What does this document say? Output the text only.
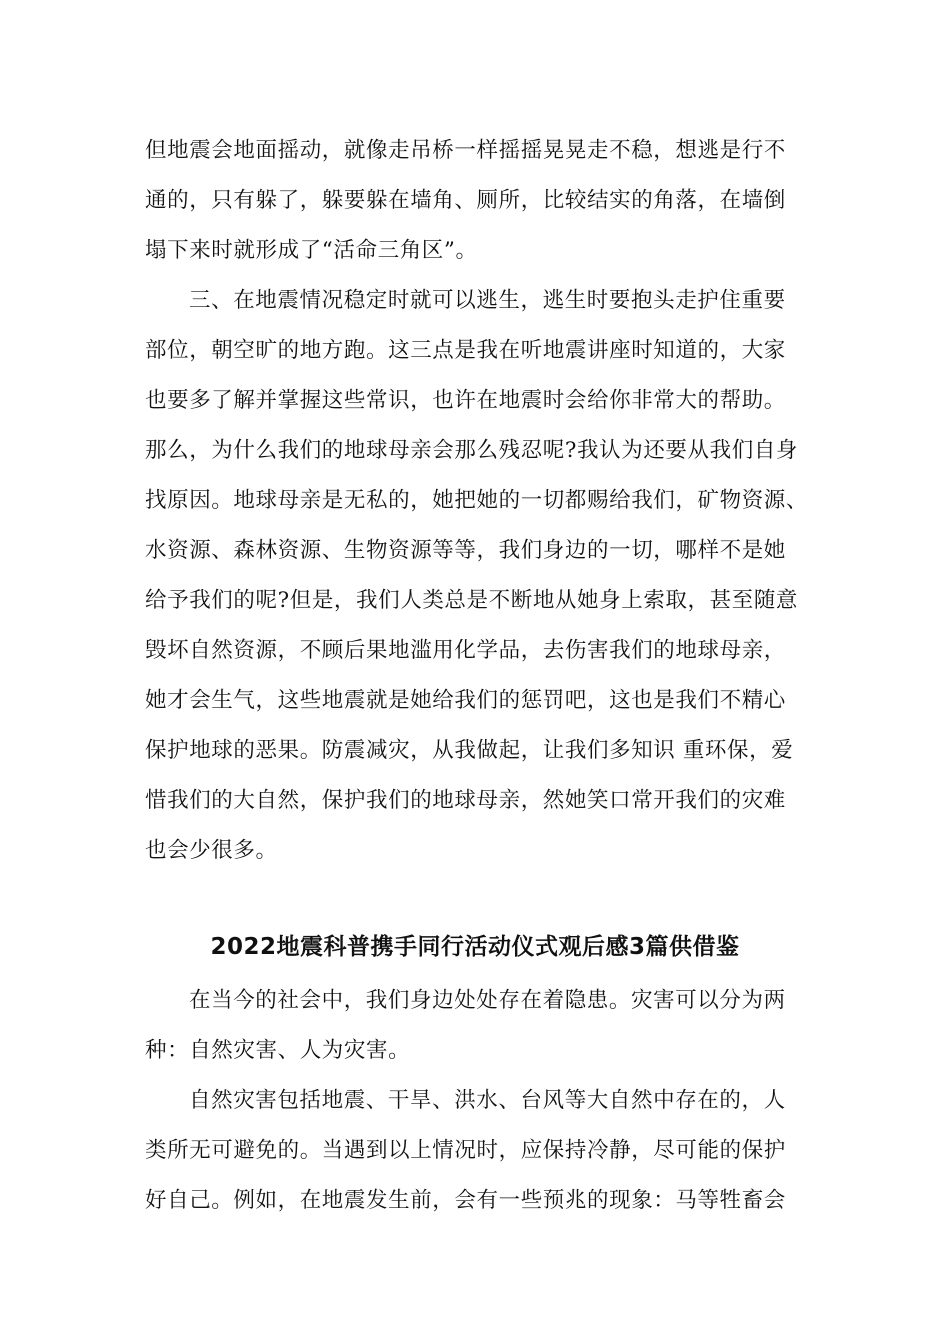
但地震会地面摇动，就像走吊桥一样摇摇晃晃走不稳，想逃是行不
通的，只有躲了，躲要躲在墙角、厕所，比较结实的角落，在墙倒
塌下来时就形成了“活命三角区”。
三、在地震情况稳定时就可以逃生，逃生时要抱头走护住重要
部位，朝空旷的地方跑。这三点是我在听地震讲座时知道的，大家
也要多了解并掌握这些常识，也许在地震时会给你非常大的帮助。
那么，为什么我们的地球母亲会那么残忍呢?我认为还要从我们自身
找原因。地球母亲是无私的，她把她的一切都赐给我们，矿物资源、
水资源、森林资源、生物资源等等，我们身边的一切，哪样不是她
给予我们的呢?但是，我们人类总是不断地从她身上索取，甚至随意
毁坏自然资源，不顾后果地滥用化学品，去伤害我们的地球母亲，
她才会生气，这些地震就是她给我们的惩罚吧，这也是我们不精心
保护地球的恶果。防震减灾，从我做起，让我们多知识 重环保，爱
惜我们的大自然，保护我们的地球母亲，然她笑口常开我们的灾难
也会少很多。
2022地震科普携手同行活动仪式观后感3篇供借鉴
在当今的社会中，我们身边处处存在着隐患。灾害可以分为两
种：自然灾害、人为灾害。
自然灾害包括地震、干旱、洪水、台风等大自然中存在的，人
类所无可避免的。当遇到以上情况时，应保持冷静，尽可能的保护
好自己。例如，在地震发生前，会有一些预兆的现象：马等牲畜会
